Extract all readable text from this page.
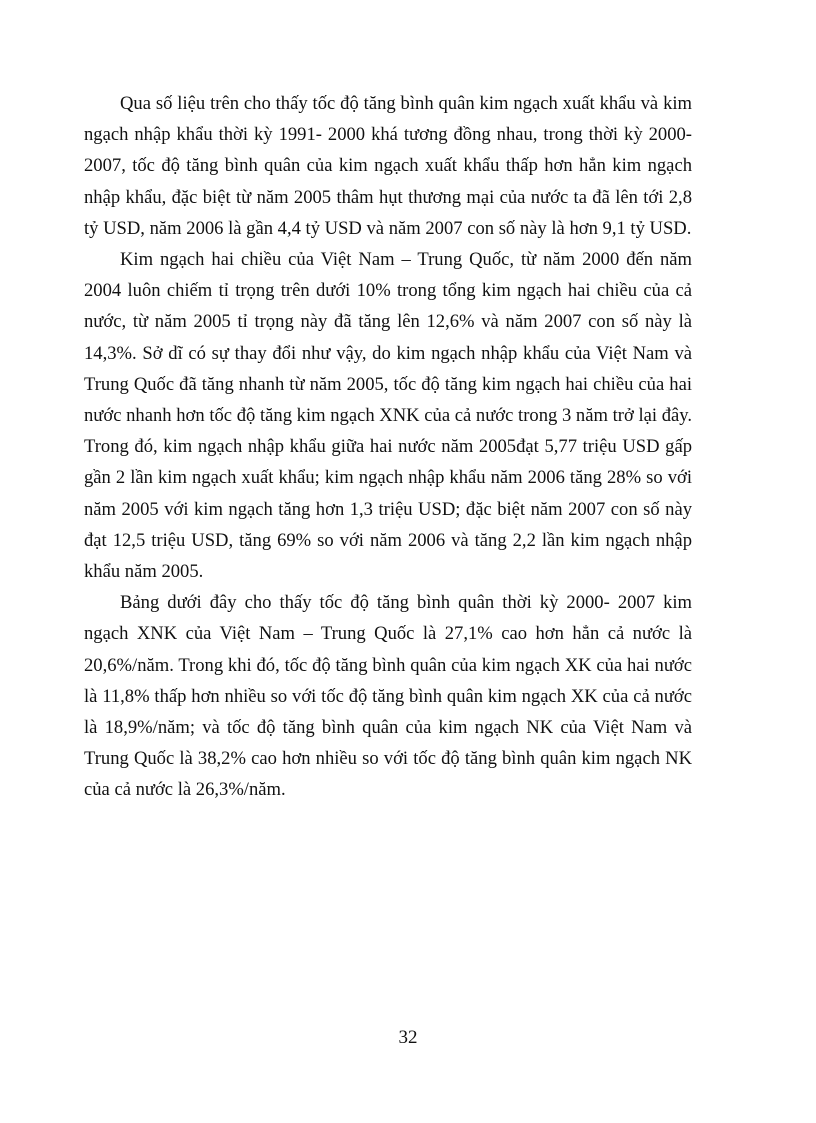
Qua số liệu trên cho thấy tốc độ tăng bình quân kim ngạch xuất khẩu và kim ngạch nhập khẩu thời kỳ 1991- 2000 khá tương đồng nhau, trong thời kỳ 2000- 2007, tốc độ tăng bình quân của kim ngạch xuất khẩu thấp hơn hẳn kim ngạch nhập khẩu, đặc biệt từ năm 2005 thâm hụt thương mại của nước ta đã lên tới 2,8 tỷ USD, năm 2006 là gần 4,4 tỷ USD và năm 2007 con số này là hơn 9,1 tỷ USD.

Kim ngạch hai chiều của Việt Nam – Trung Quốc, từ năm 2000 đến năm 2004 luôn chiếm tỉ trọng trên dưới 10% trong tổng kim ngạch hai chiều của cả nước, từ năm 2005 tỉ trọng này đã tăng lên 12,6% và năm 2007 con số này là 14,3%. Sở dĩ có sự thay đổi như vậy, do kim ngạch nhập khẩu của Việt Nam và Trung Quốc đã tăng nhanh từ năm 2005, tốc độ tăng kim ngạch hai chiều của hai nước nhanh hơn tốc độ tăng kim ngạch XNK của cả nước trong 3 năm trở lại đây. Trong đó, kim ngạch nhập khẩu giữa hai nước năm 2005đạt 5,77 triệu USD gấp gần 2 lần kim ngạch xuất khẩu; kim ngạch nhập khẩu năm 2006 tăng 28% so với năm 2005 với kim ngạch tăng hơn 1,3 triệu USD; đặc biệt năm 2007 con số này đạt 12,5 triệu USD, tăng 69% so với năm 2006 và tăng 2,2 lần kim ngạch nhập khẩu năm 2005.

Bảng dưới đây cho thấy tốc độ tăng bình quân thời kỳ 2000- 2007 kim ngạch XNK của Việt Nam – Trung Quốc là 27,1% cao hơn hẳn cả nước là 20,6%/năm. Trong khi đó, tốc độ tăng bình quân của kim ngạch XK của hai nước là 11,8% thấp hơn nhiều so với tốc độ tăng bình quân kim ngạch XK của cả nước là 18,9%/năm; và tốc độ tăng bình quân của kim ngạch NK của Việt Nam và Trung Quốc là 38,2% cao hơn nhiều so với tốc độ tăng bình quân kim ngạch NK của cả nước là 26,3%/năm.

32
